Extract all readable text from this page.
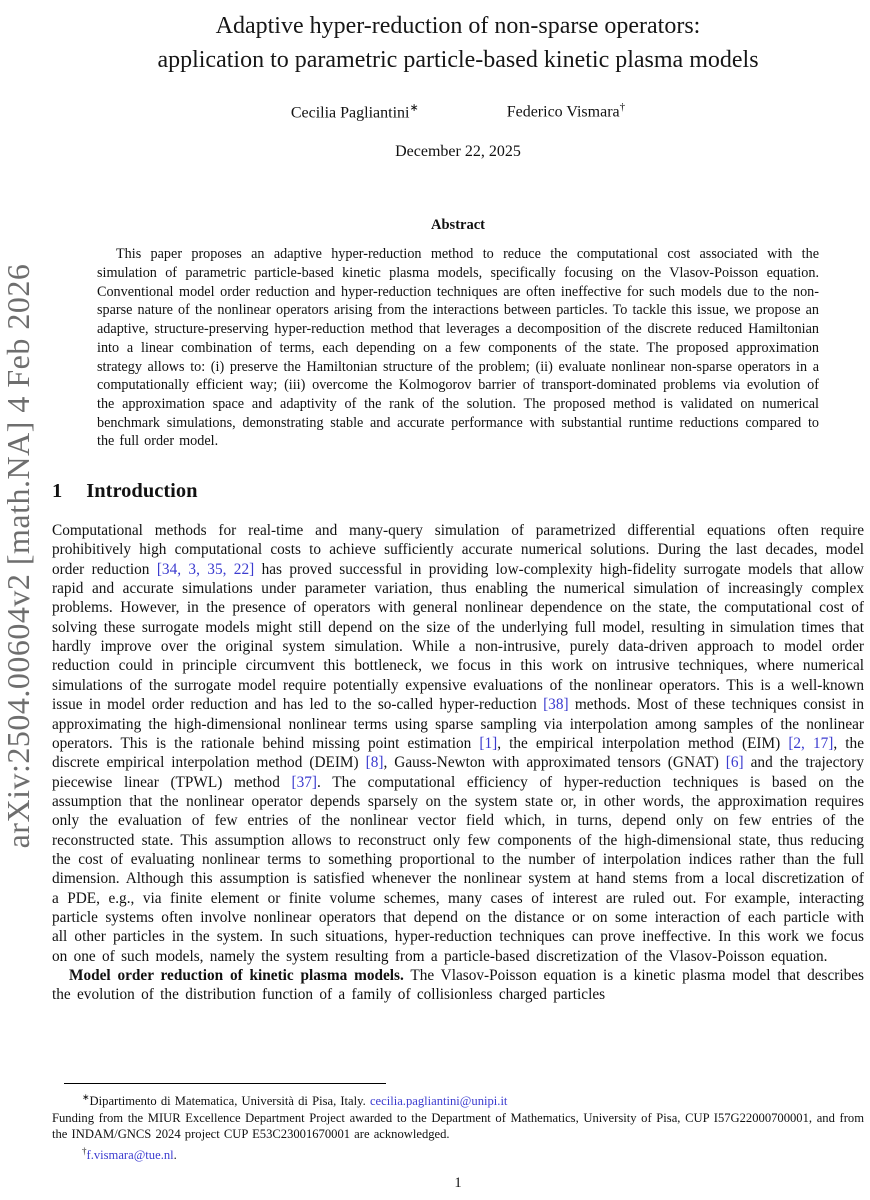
arXiv:2504.00604v2 [math.NA] 4 Feb 2026
Adaptive hyper-reduction of non-sparse operators:
application to parametric particle-based kinetic plasma models
Cecilia Pagliantini∗	Federico Vismara†
December 22, 2025
Abstract

This paper proposes an adaptive hyper-reduction method to reduce the computational cost associated with the simulation of parametric particle-based kinetic plasma models, specifically focusing on the Vlasov-Poisson equation. Conventional model order reduction and hyper-reduction techniques are often ineffective for such models due to the non-sparse nature of the nonlinear operators arising from the interactions between particles. To tackle this issue, we propose an adaptive, structure-preserving hyper-reduction method that leverages a decomposition of the discrete reduced Hamiltonian into a linear combination of terms, each depending on a few components of the state. The proposed approximation strategy allows to: (i) preserve the Hamiltonian structure of the problem; (ii) evaluate nonlinear non-sparse operators in a computationally efficient way; (iii) overcome the Kolmogorov barrier of transport-dominated problems via evolution of the approximation space and adaptivity of the rank of the solution. The proposed method is validated on numerical benchmark simulations, demonstrating stable and accurate performance with substantial runtime reductions compared to the full order model.

1 Introduction

Computational methods for real-time and many-query simulation of parametrized differential equations often require prohibitively high computational costs to achieve sufficiently accurate numerical solutions. During the last decades, model order reduction [34, 3, 35, 22] has proved successful in providing low-complexity high-fidelity surrogate models that allow rapid and accurate simulations under parameter variation, thus enabling the numerical simulation of increasingly complex problems. However, in the presence of operators with general nonlinear dependence on the state, the computational cost of solving these surrogate models might still depend on the size of the underlying full model, resulting in simulation times that hardly improve over the original system simulation. While a non-intrusive, purely data-driven approach to model order reduction could in principle circumvent this bottleneck, we focus in this work on intrusive techniques, where numerical simulations of the surrogate model require potentially expensive evaluations of the nonlinear operators. This is a well-known issue in model order reduction and has led to the so-called hyper-reduction [38] methods. Most of these techniques consist in approximating the high-dimensional nonlinear terms using sparse sampling via interpolation among samples of the nonlinear operators. This is the rationale behind missing point estimation [1], the empirical interpolation method (EIM) [2, 17], the discrete empirical interpolation method (DEIM) [8], Gauss-Newton with approximated tensors (GNAT) [6] and the trajectory piecewise linear (TPWL) method [37]. The computational efficiency of hyper-reduction techniques is based on the assumption that the nonlinear operator depends sparsely on the system state or, in other words, the approximation requires only the evaluation of few entries of the nonlinear vector field which, in turns, depend only on few entries of the reconstructed state. This assumption allows to reconstruct only few components of the high-dimensional state, thus reducing the cost of evaluating nonlinear terms to something proportional to the number of interpolation indices rather than the full dimension. Although this assumption is satisfied whenever the nonlinear system at hand stems from a local discretization of a PDE, e.g., via finite element or finite volume schemes, many cases of interest are ruled out. For example, interacting particle systems often involve nonlinear operators that depend on the distance or on some interaction of each particle with all other particles in the system. In such situations, hyper-reduction techniques can prove ineffective. In this work we focus on one of such models, namely the system resulting from a particle-based discretization of the Vlasov-Poisson equation.

Model order reduction of kinetic plasma models. The Vlasov-Poisson equation is a kinetic plasma model that describes the evolution of the distribution function of a family of collisionless charged particles

∗Dipartimento di Matematica, Università di Pisa, Italy. cecilia.pagliantini@unipi.it

Funding from the MIUR Excellence Department Project awarded to the Department of Mathematics, University of Pisa, CUP I57G22000700001, and from the INDAM/GNCS 2024 project CUP E53C23001670001 are acknowledged.

†f.vismara@tue.nl.

1
